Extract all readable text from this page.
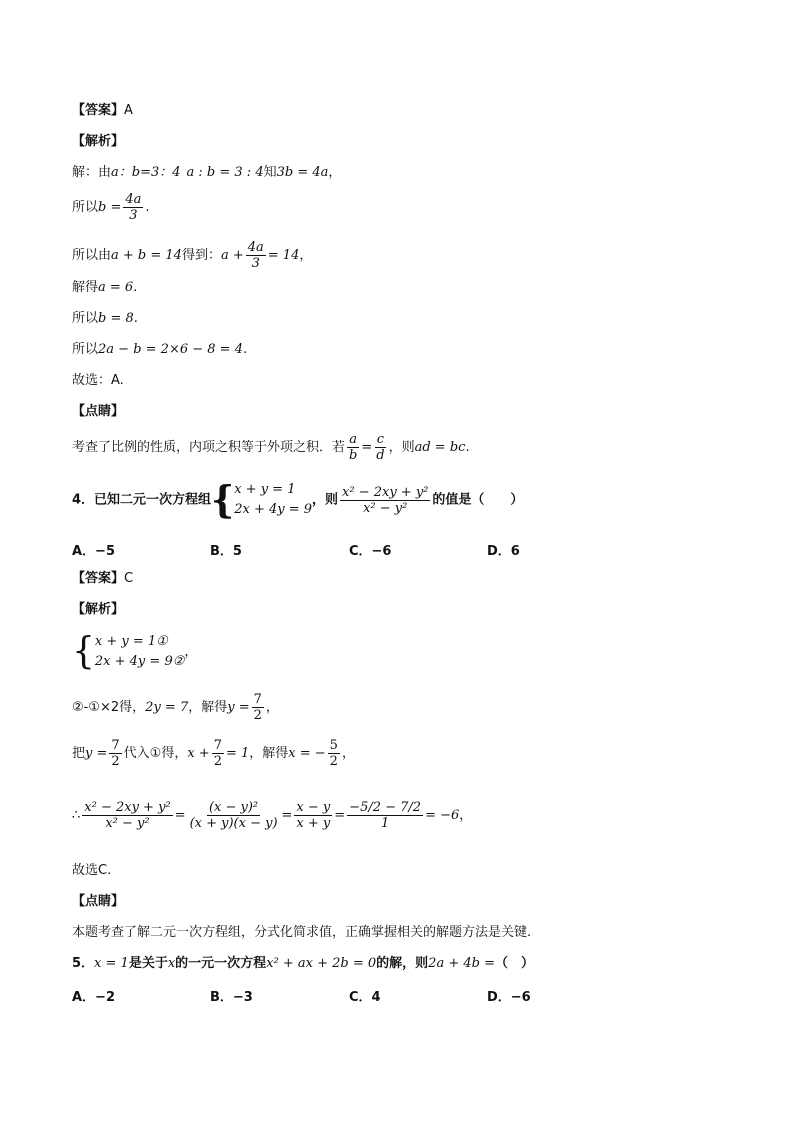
【答案】A
【解析】
解：由a：b=3：4 a : b = 3 : 4知3b = 4a，
所以$b = \frac{4a}{3}$ .
所以由a + b = 14得到：$a + \frac{4a}{3} = 14$，
解得a = 6.
所以b = 8.
所以2a − b = 2×6 − 8 = 4.
故选：A.
【点睛】
考查了比例的性质，内项之积等于外项之积．若 $\frac{a}{b} = \frac{c}{d}$ ，则ad = bc.
4．已知二元一次方程组{ x + y = 1
2x + 4y = 9
，则 $\frac{\text{x² − 2xy + y²}}{\text{x² − y²}}$ 的值是（　　）
A．−5	B．5	C．−6	D．6
【答案】C
【解析】
{ x + y = 1①
2x + 4y = 9②
，
②-①×2得，2y = 7，解得$y = \frac{7}{2}$ ，
把$y = \frac{7}{2}$ 代入①得，$x + \frac{7}{2} = 1$，解得x = − $\frac{5}{2}$ ，
∴ $\frac{\text{x² − 2xy + y²}}{\text{x² − y²}} = \frac{\text{(x − y)²}}{(x + y)(x - y)} = \frac{x - y}{x + y} = \frac{-5/2 - 7/2}{1} = -6$，
故选C.
【点睛】
本题考查了解二元一次方程组，分式化简求值，正确掌握相关的解题方法是关键.
5．x = 1是关于x的一元一次方程x² + ax + 2b = 0的解，则2a + 4b =（　）
A．−2	B．−3	C．4	D．−6
